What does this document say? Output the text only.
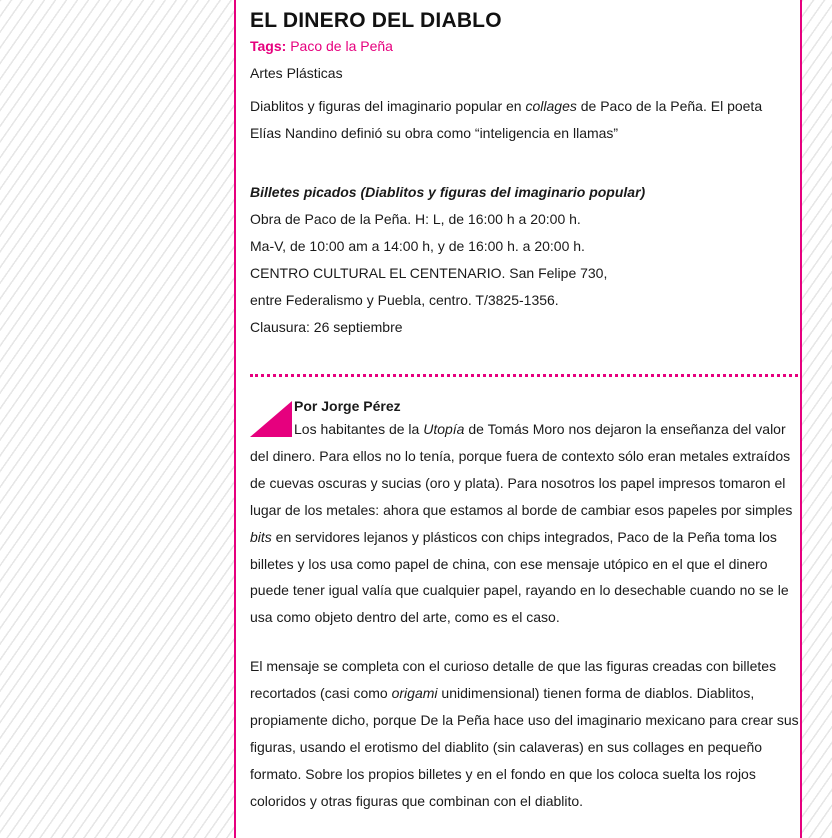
EL DINERO DEL DIABLO
Tags: Paco de la Peña
Artes Plásticas

Diablitos y figuras del imaginario popular en collages de Paco de la Peña. El poeta Elías Nandino definió su obra como “inteligencia en llamas”

Billetes picados (Diablitos y figuras del imaginario popular)

Obra de Paco de la Peña. H: L, de 16:00 h a 20:00 h.

Ma-V, de 10:00 am a 14:00 h, y de 16:00 h. a 20:00 h.

CENTRO CULTURAL EL CENTENARIO. San Felipe 730,

entre Federalismo y Puebla, centro. T/3825-1356.

Clausura: 26 septiembre

Por Jorge Pérez

Los habitantes de la Utopía de Tomás Moro nos dejaron la enseñanza del valor del dinero. Para ellos no lo tenía, porque fuera de contexto sólo eran metales extraídos de cuevas oscuras y sucias (oro y plata). Para nosotros los papel impresos tomaron el lugar de los metales: ahora que estamos al borde de cambiar esos papeles por simples bits en servidores lejanos y plásticos con chips integrados, Paco de la Peña toma los billetes y los usa como papel de china, con ese mensaje utópico en el que el dinero puede tener igual valía que cualquier papel, rayando en lo desechable cuando no se le usa como objeto dentro del arte, como es el caso.

El mensaje se completa con el curioso detalle de que las figuras creadas con billetes recortados (casi como origami unidimensional) tienen forma de diablos. Diablitos, propiamente dicho, porque De la Peña hace uso del imaginario mexicano para crear sus figuras, usando el erotismo del diablito (sin calaveras) en sus collages en pequeño formato. Sobre los propios billetes y en el fondo en que los coloca suelta los rojos coloridos y otras figuras que combinan con el diablito.
